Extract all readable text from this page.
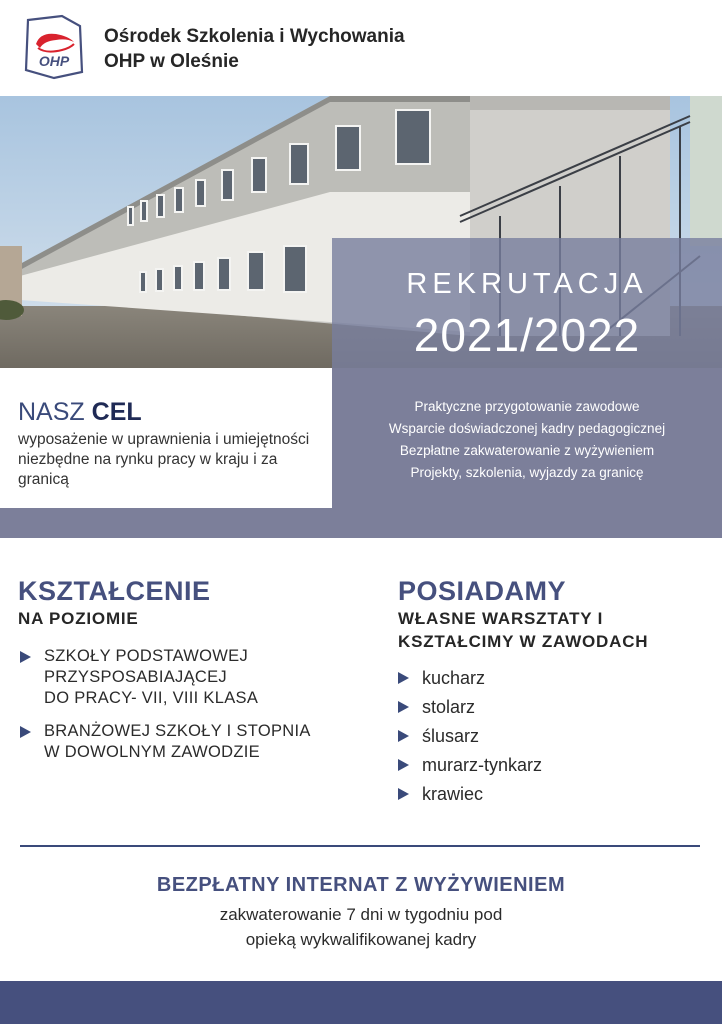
OHP
Ośrodek Szkolenia i Wychowania
OHP w Oleśnie
REKRUTACJA
2021/2022
NASZ CEL
wyposażenie w uprawnienia i umiejętności niezbędne na rynku pracy w kraju i za granicą
Praktyczne przygotowanie zawodowe
Wsparcie doświadczonej kadry pedagogicznej
Bezpłatne zakwaterowanie z wyżywieniem
Projekty, szkolenia, wyjazdy za granicę
KSZTAŁCENIE
NA POZIOMIE
SZKOŁY PODSTAWOWEJ
PRZYSPOSABIAJĄCEJ
DO PRACY- VII, VIII KLASA
BRANŻOWEJ SZKOŁY I STOPNIA
W DOWOLNYM ZAWODZIE
POSIADAMY
WŁASNE WARSZTATY I
KSZTAŁCIMY W ZAWODACH
kucharz
stolarz
ślusarz
murarz-tynkarz
krawiec
BEZPŁATNY INTERNAT Z WYŻYWIENIEM
zakwaterowanie 7 dni w tygodniu pod
opieką wykwalifikowanej kadry
